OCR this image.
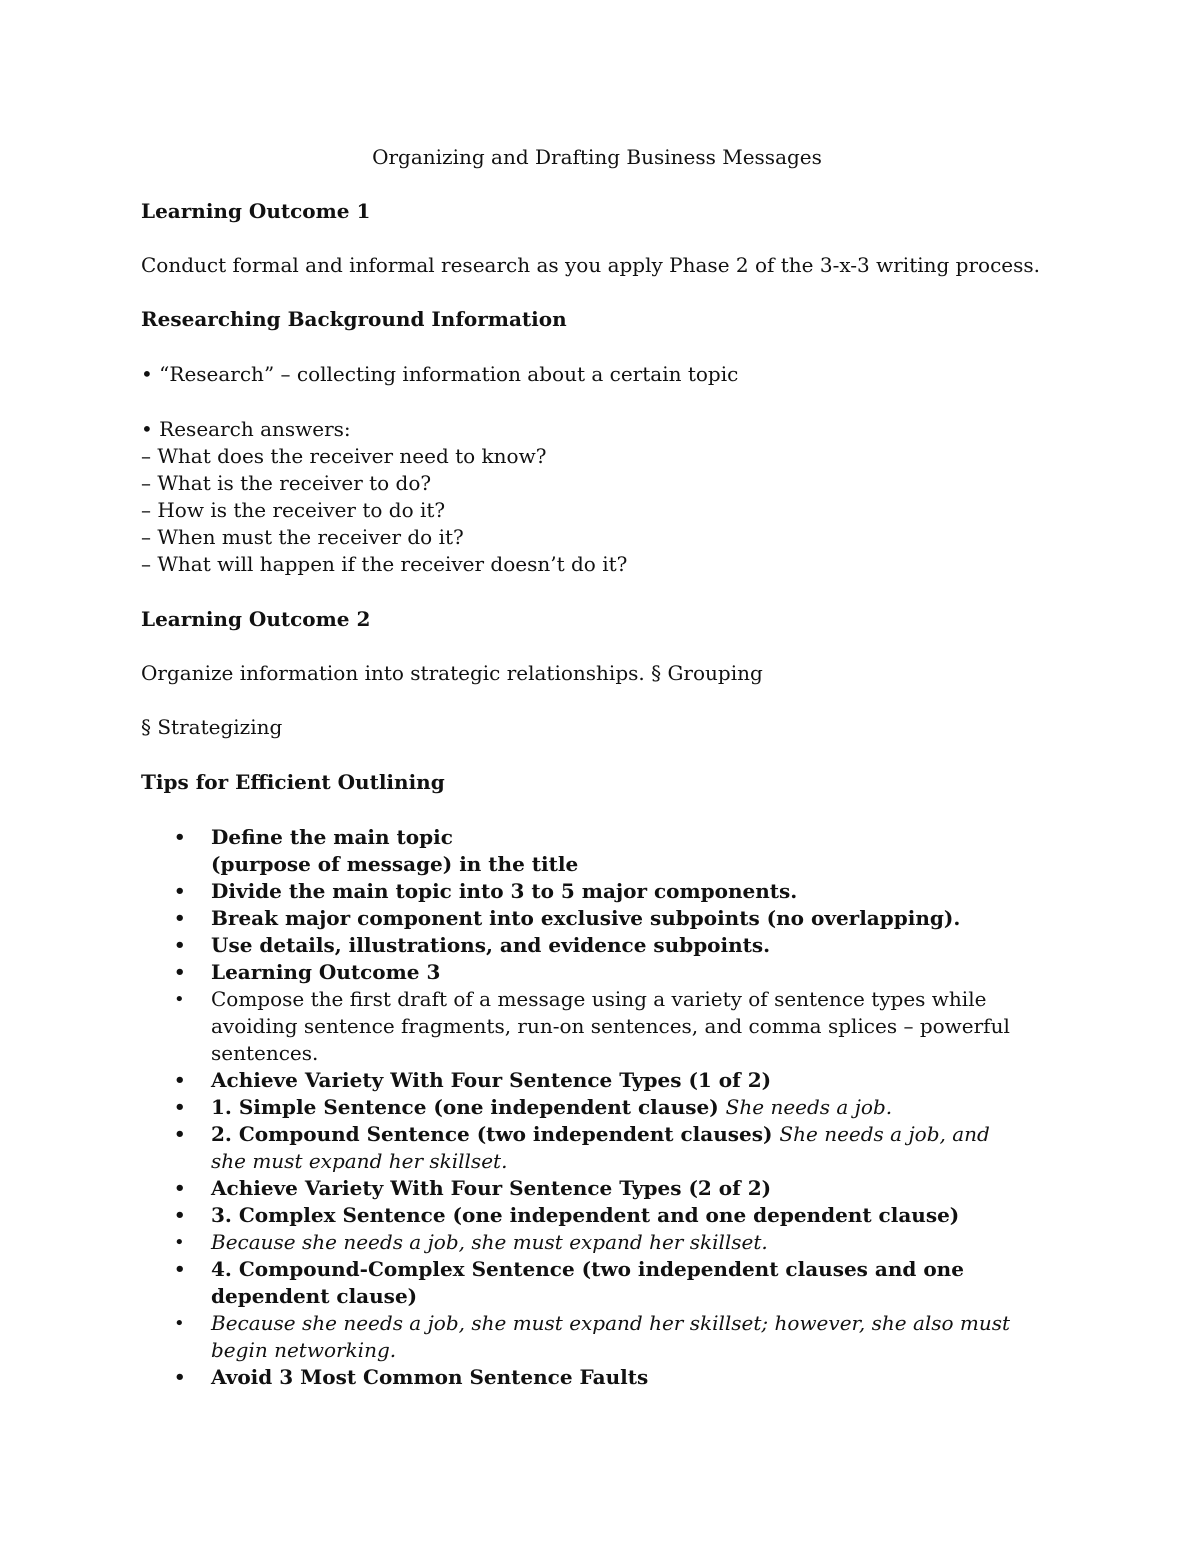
Organizing and Drafting Business Messages
Learning Outcome 1
Conduct formal and informal research as you apply Phase 2 of the 3-x-3 writing process.
Researching Background Information
• “Research” – collecting information about a certain topic
• Research answers:
– What does the receiver need to know?
– What is the receiver to do?
– How is the receiver to do it?
– When must the receiver do it?
– What will happen if the receiver doesn’t do it?
Learning Outcome 2
Organize information into strategic relationships. § Grouping
§ Strategizing
Tips for Efficient Outlining
• Define the main topic
(purpose of message) in the title
• Divide the main topic into 3 to 5 major components.
• Break major component into exclusive subpoints (no overlapping).
• Use details, illustrations, and evidence subpoints.
• Learning Outcome 3
• Compose the first draft of a message using a variety of sentence types while avoiding sentence fragments, run-on sentences, and comma splices – powerful sentences.
• Achieve Variety With Four Sentence Types (1 of 2)
• 1. Simple Sentence (one independent clause) She needs a job.
• 2. Compound Sentence (two independent clauses) She needs a job, and she must expand her skillset.
• Achieve Variety With Four Sentence Types (2 of 2)
• 3. Complex Sentence (one independent and one dependent clause)
• Because she needs a job, she must expand her skillset.
• 4. Compound-Complex Sentence (two independent clauses and one dependent clause)
• Because she needs a job, she must expand her skillset; however, she also must begin networking.
• Avoid 3 Most Common Sentence Faults
